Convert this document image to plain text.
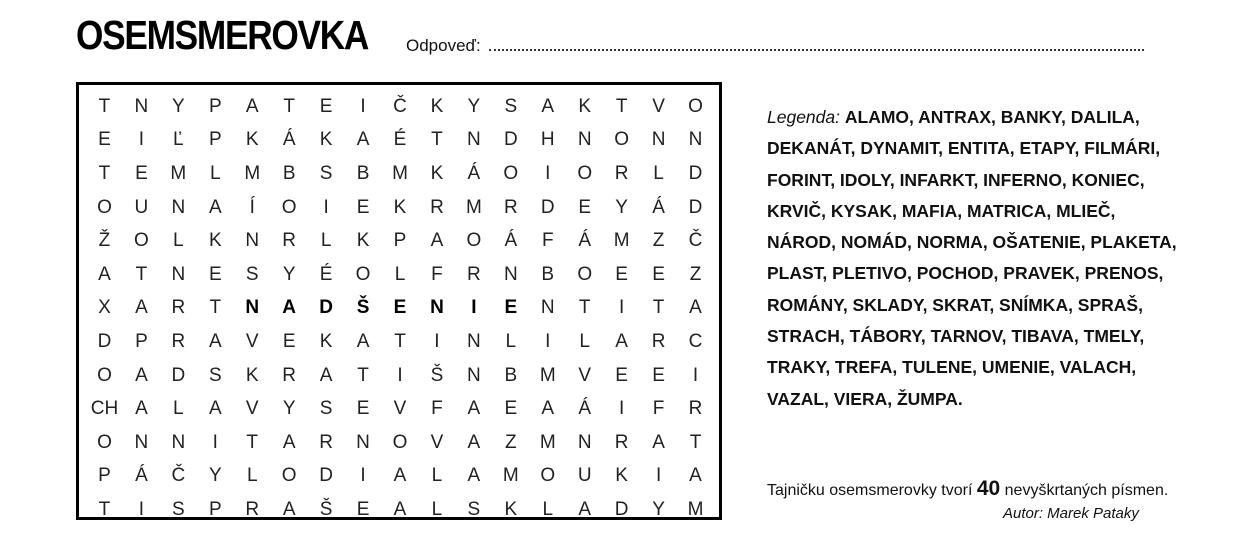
OSEMSMEROVKA Odpoveď:
T	N	Y	P	A	T	E	I	Č	K	Y	S	A	K	T	V	O
E	I	Ľ	P	K	Á	K	A	É	T	N	D	H	N	O	N	N
T	E	M	L	M	B	S	B	M	K	Á	O	I	O	R	L	D
O	U	N	A	Í	O	I	E	K	R	M	R	D	E	Y	Á	D
Ž	O	L	K	N	R	L	K	P	A	O	Á	F	Á	M	Z	Č
A	T	N	E	S	Y	É	O	L	F	R	N	B	O	E	E	Z
X	A	R	T	N	A	D	Š	E	N	I	E	N	T	I	T	A
D	P	R	A	V	E	K	A	T	I	N	L	I	L	A	R	C
O	A	D	S	K	R	A	T	I	Š	N	B	M	V	E	E	I
CH A	L	A	V	Y	S	E	V	F	A	E	A	Á	I	F	R
O	N	N	I	T	A	R	N	O	V	A	Z	M	N	R	A	T
P	Á	Č	Y	L	O	D	I	A	L	A	M	O	U	K	I	A
T	I	S	P	R	A	Š	E	A	L	S	K	L	A	D	Y	M
Legenda: ALAMO, ANTRAX, BANKY, DALILA, DEKANÁT, DYNAMIT, ENTITA, ETAPY, FILMÁRI, FORINT, IDOLY, INFARKT, INFERNO, KONIEC, KRVIČ, KYSAK, MAFIA, MATRICA, MLIEČ, NÁROD, NOMÁD, NORMA, OŠATENIE, PLAKETA, PLAST, PLETIVO, POCHOD, PRAVEK, PRENOS, ROMÁNY, SKLADY, SKRAT, SNÍMKA, SPRAŠ, STRACH, TÁBORY, TARNOV, TIBAVA, TMELY, TRAKY, TREFA, TULENE, UMENIE, VALACH, VAZAL, VIERA, ŽUMPA.
Tajničku osemsmerovky tvorí 40 nevyškrtaných písmen.
Autor: Marek Pataky
